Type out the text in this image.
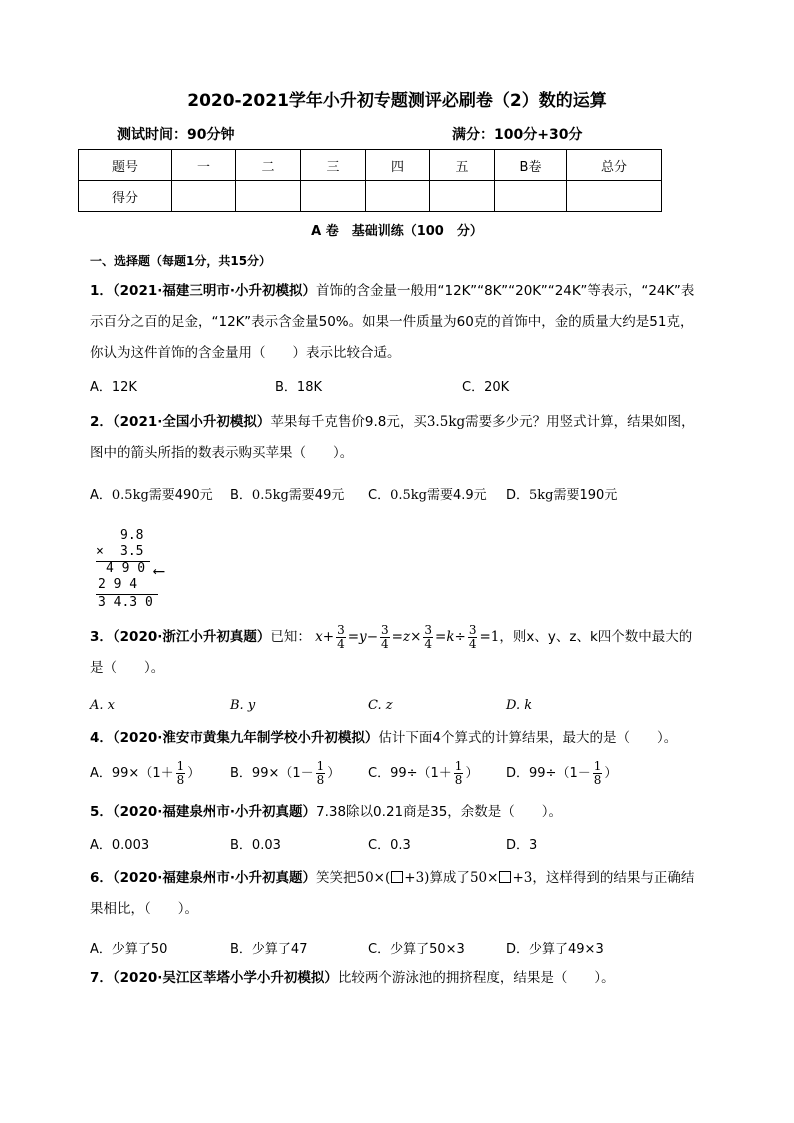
2020-2021学年小升初专题测评必刷卷（2）数的运算
测试时间：90分钟	满分：100分+30分
题号	一	二	三	四	五	B卷	总分
得分							
A 卷　基础训练（100　分）
一、选择题（每题1分，共15分）
1．（2021·福建三明市·小升初模拟）首饰的含金量一般用“12K”“8K”“20K”“24K”等表示，“24K”表示百分之百的足金，“12K”表示含金量50%。如果一件质量为60克的首饰中，金的质量大约是51克，你认为这件首饰的含金量用（　　）表示比较合适。
A．12K	B．18K	C．20K
2．（2021·全国小升初模拟）苹果每千克售价9.8元，买3.5kg需要多少元？用竖式计算，结果如图，图中的箭头所指的数表示购买苹果（　　）。
A．0.5kg需要490元 B．0.5kg需要49元 C．0.5kg需要4.9元 D．5kg需要190元
9.8
× 3.5
4 9 0 ⟵
2 9 4
3 4.3 0
3．（2020·浙江小升初真题）已知： $x+ \frac{3}{4} =y- \frac{3}{4} =z\times \frac{3}{4} =k\div \frac{3}{4} =1$，则x、y、z、k四个数中最大的是（　　）。
A. x	B. y	C. z	D. k
4．（2020·淮安市黄集九年制学校小升初模拟）估计下面4个算式的计算结果，最大的是（　　）。
A．$99\times(1+ \frac{1}{8}$ ） B．$99\times(1- \frac{1}{8}$ ） C．$99\div(1+ \frac{1}{8}$ ） D．$99\div(1- \frac{1}{8}$ ）
5．（2020·福建泉州市·小升初真题）7.38除以0.21商是35，余数是（　　）。
A．0.003	B．0.03	C．0.3	D．3
6．（2020·福建泉州市·小升初真题）笑笑把50×( +3)算成了50× +3，这样得到的结果与正确结果相比，（　　）。
A．少算了50	B．少算了47	C．少算了50×3	D．少算了49×3
7．（2020·吴江区莘塔小学小升初模拟）比较两个游泳池的拥挤程度，结果是（　　）。
